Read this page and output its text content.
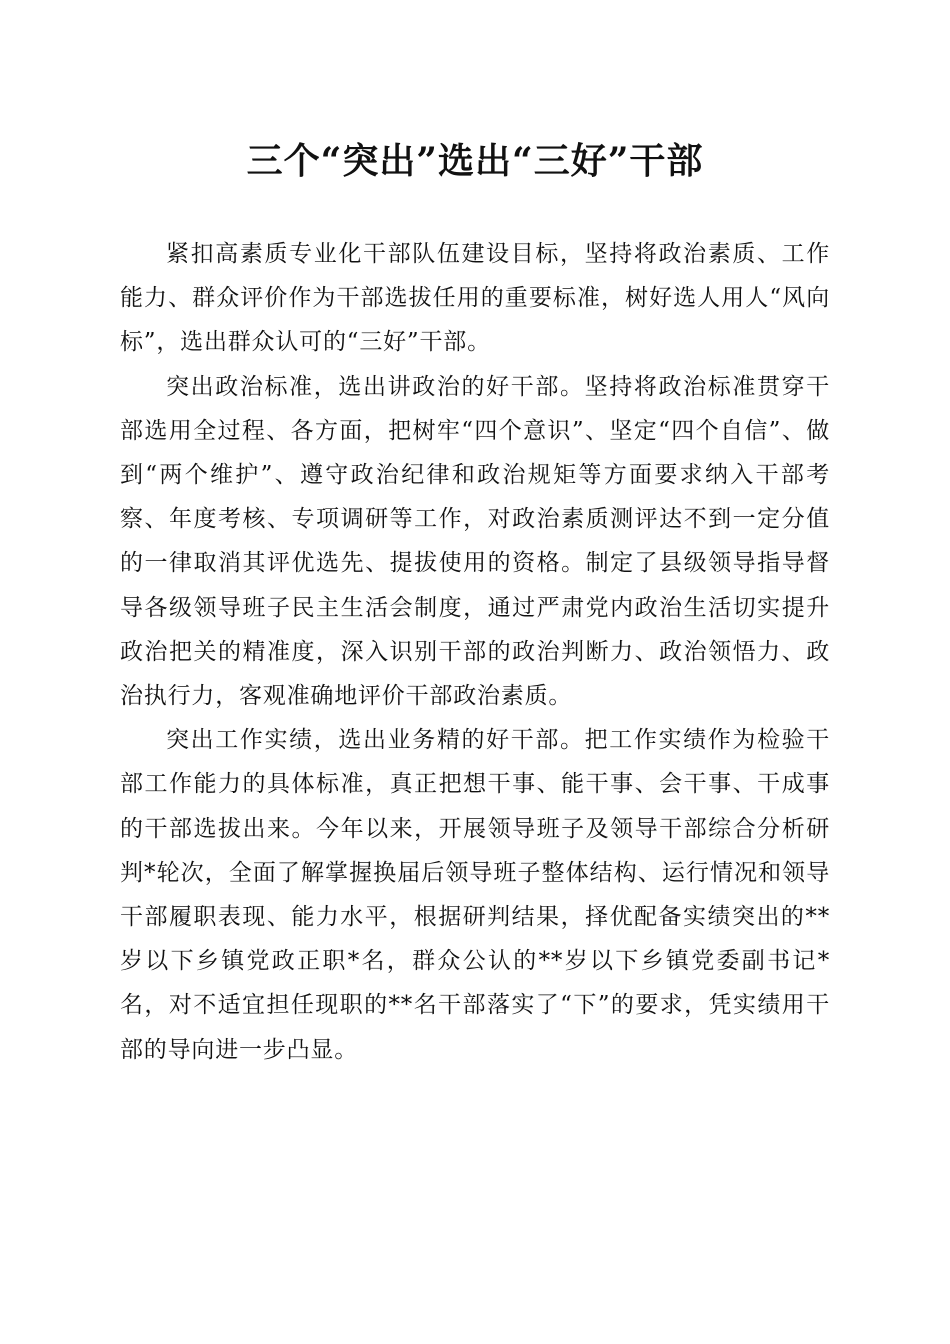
三个“突出”选出“三好”干部

紧扣高素质专业化干部队伍建设目标，坚持将政治素质、工作能力、群众评价作为干部选拔任用的重要标准，树好选人用人“风向标”，选出群众认可的“三好”干部。

突出政治标准，选出讲政治的好干部。坚持将政治标准贯穿干部选用全过程、各方面，把树牢“四个意识”、坚定“四个自信”、做到“两个维护”、遵守政治纪律和政治规矩等方面要求纳入干部考察、年度考核、专项调研等工作，对政治素质测评达不到一定分值的一律取消其评优选先、提拔使用的资格。制定了县级领导指导督导各级领导班子民主生活会制度，通过严肃党内政治生活切实提升政治把关的精准度，深入识别干部的政治判断力、政治领悟力、政治执行力，客观准确地评价干部政治素质。

突出工作实绩，选出业务精的好干部。把工作实绩作为检验干部工作能力的具体标准，真正把想干事、能干事、会干事、干成事的干部选拔出来。今年以来，开展领导班子及领导干部综合分析研判*轮次，全面了解掌握换届后领导班子整体结构、运行情况和领导干部履职表现、能力水平，根据研判结果，择优配备实绩突出的**岁以下乡镇党政正职*名，群众公认的**岁以下乡镇党委副书记*名，对不适宜担任现职的**名干部落实了“下”的要求，凭实绩用干部的导向进一步凸显。
